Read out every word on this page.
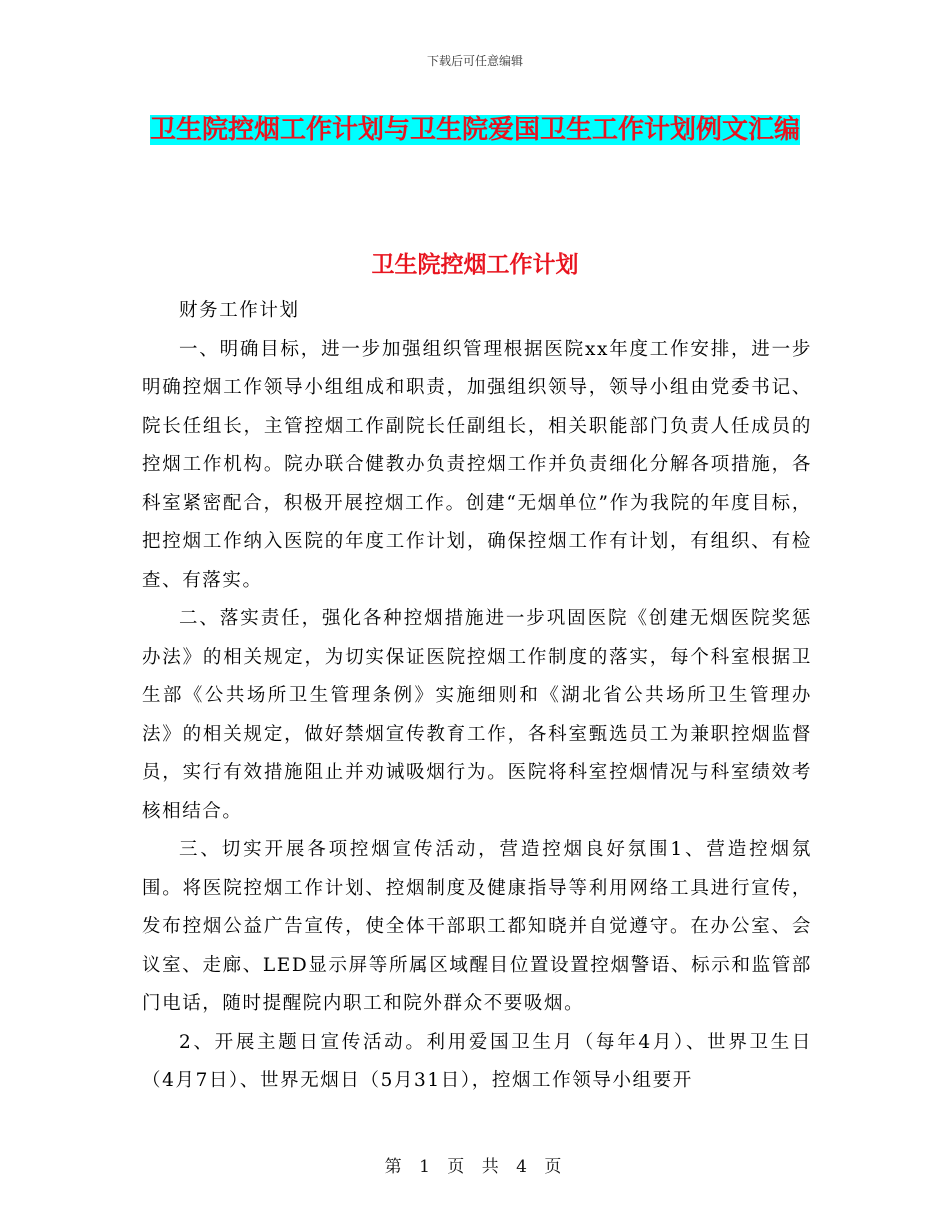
下载后可任意编辑
卫生院控烟工作计划与卫生院爱国卫生工作计划例文汇编
卫生院控烟工作计划

财务工作计划

一、明确目标，进一步加强组织管理根据医院xx年度工作安排，进一步明确控烟工作领导小组组成和职责，加强组织领导，领导小组由党委书记、院长任组长，主管控烟工作副院长任副组长，相关职能部门负责人任成员的控烟工作机构。院办联合健教办负责控烟工作并负责细化分解各项措施，各科室紧密配合，积极开展控烟工作。创建“无烟单位”作为我院的年度目标，把控烟工作纳入医院的年度工作计划，确保控烟工作有计划，有组织、有检查、有落实。

二、落实责任，强化各种控烟措施进一步巩固医院《创建无烟医院奖惩办法》的相关规定，为切实保证医院控烟工作制度的落实，每个科室根据卫生部《公共场所卫生管理条例》实施细则和《湖北省公共场所卫生管理办法》的相关规定，做好禁烟宣传教育工作，各科室甄选员工为兼职控烟监督员，实行有效措施阻止并劝诫吸烟行为。医院将科室控烟情况与科室绩效考核相结合。

三、切实开展各项控烟宣传活动，营造控烟良好氛围1、营造控烟氛围。将医院控烟工作计划、控烟制度及健康指导等利用网络工具进行宣传，发布控烟公益广告宣传，使全体干部职工都知晓并自觉遵守。在办公室、会议室、走廊、LED显示屏等所属区域醒目位置设置控烟警语、标示和监管部门电话，随时提醒院内职工和院外群众不要吸烟。

2、开展主题日宣传活动。利用爱国卫生月（每年4月）、世界卫生日（4月7日）、世界无烟日（5月31日），控烟工作领导小组要开

第 1 页 共 4 页
